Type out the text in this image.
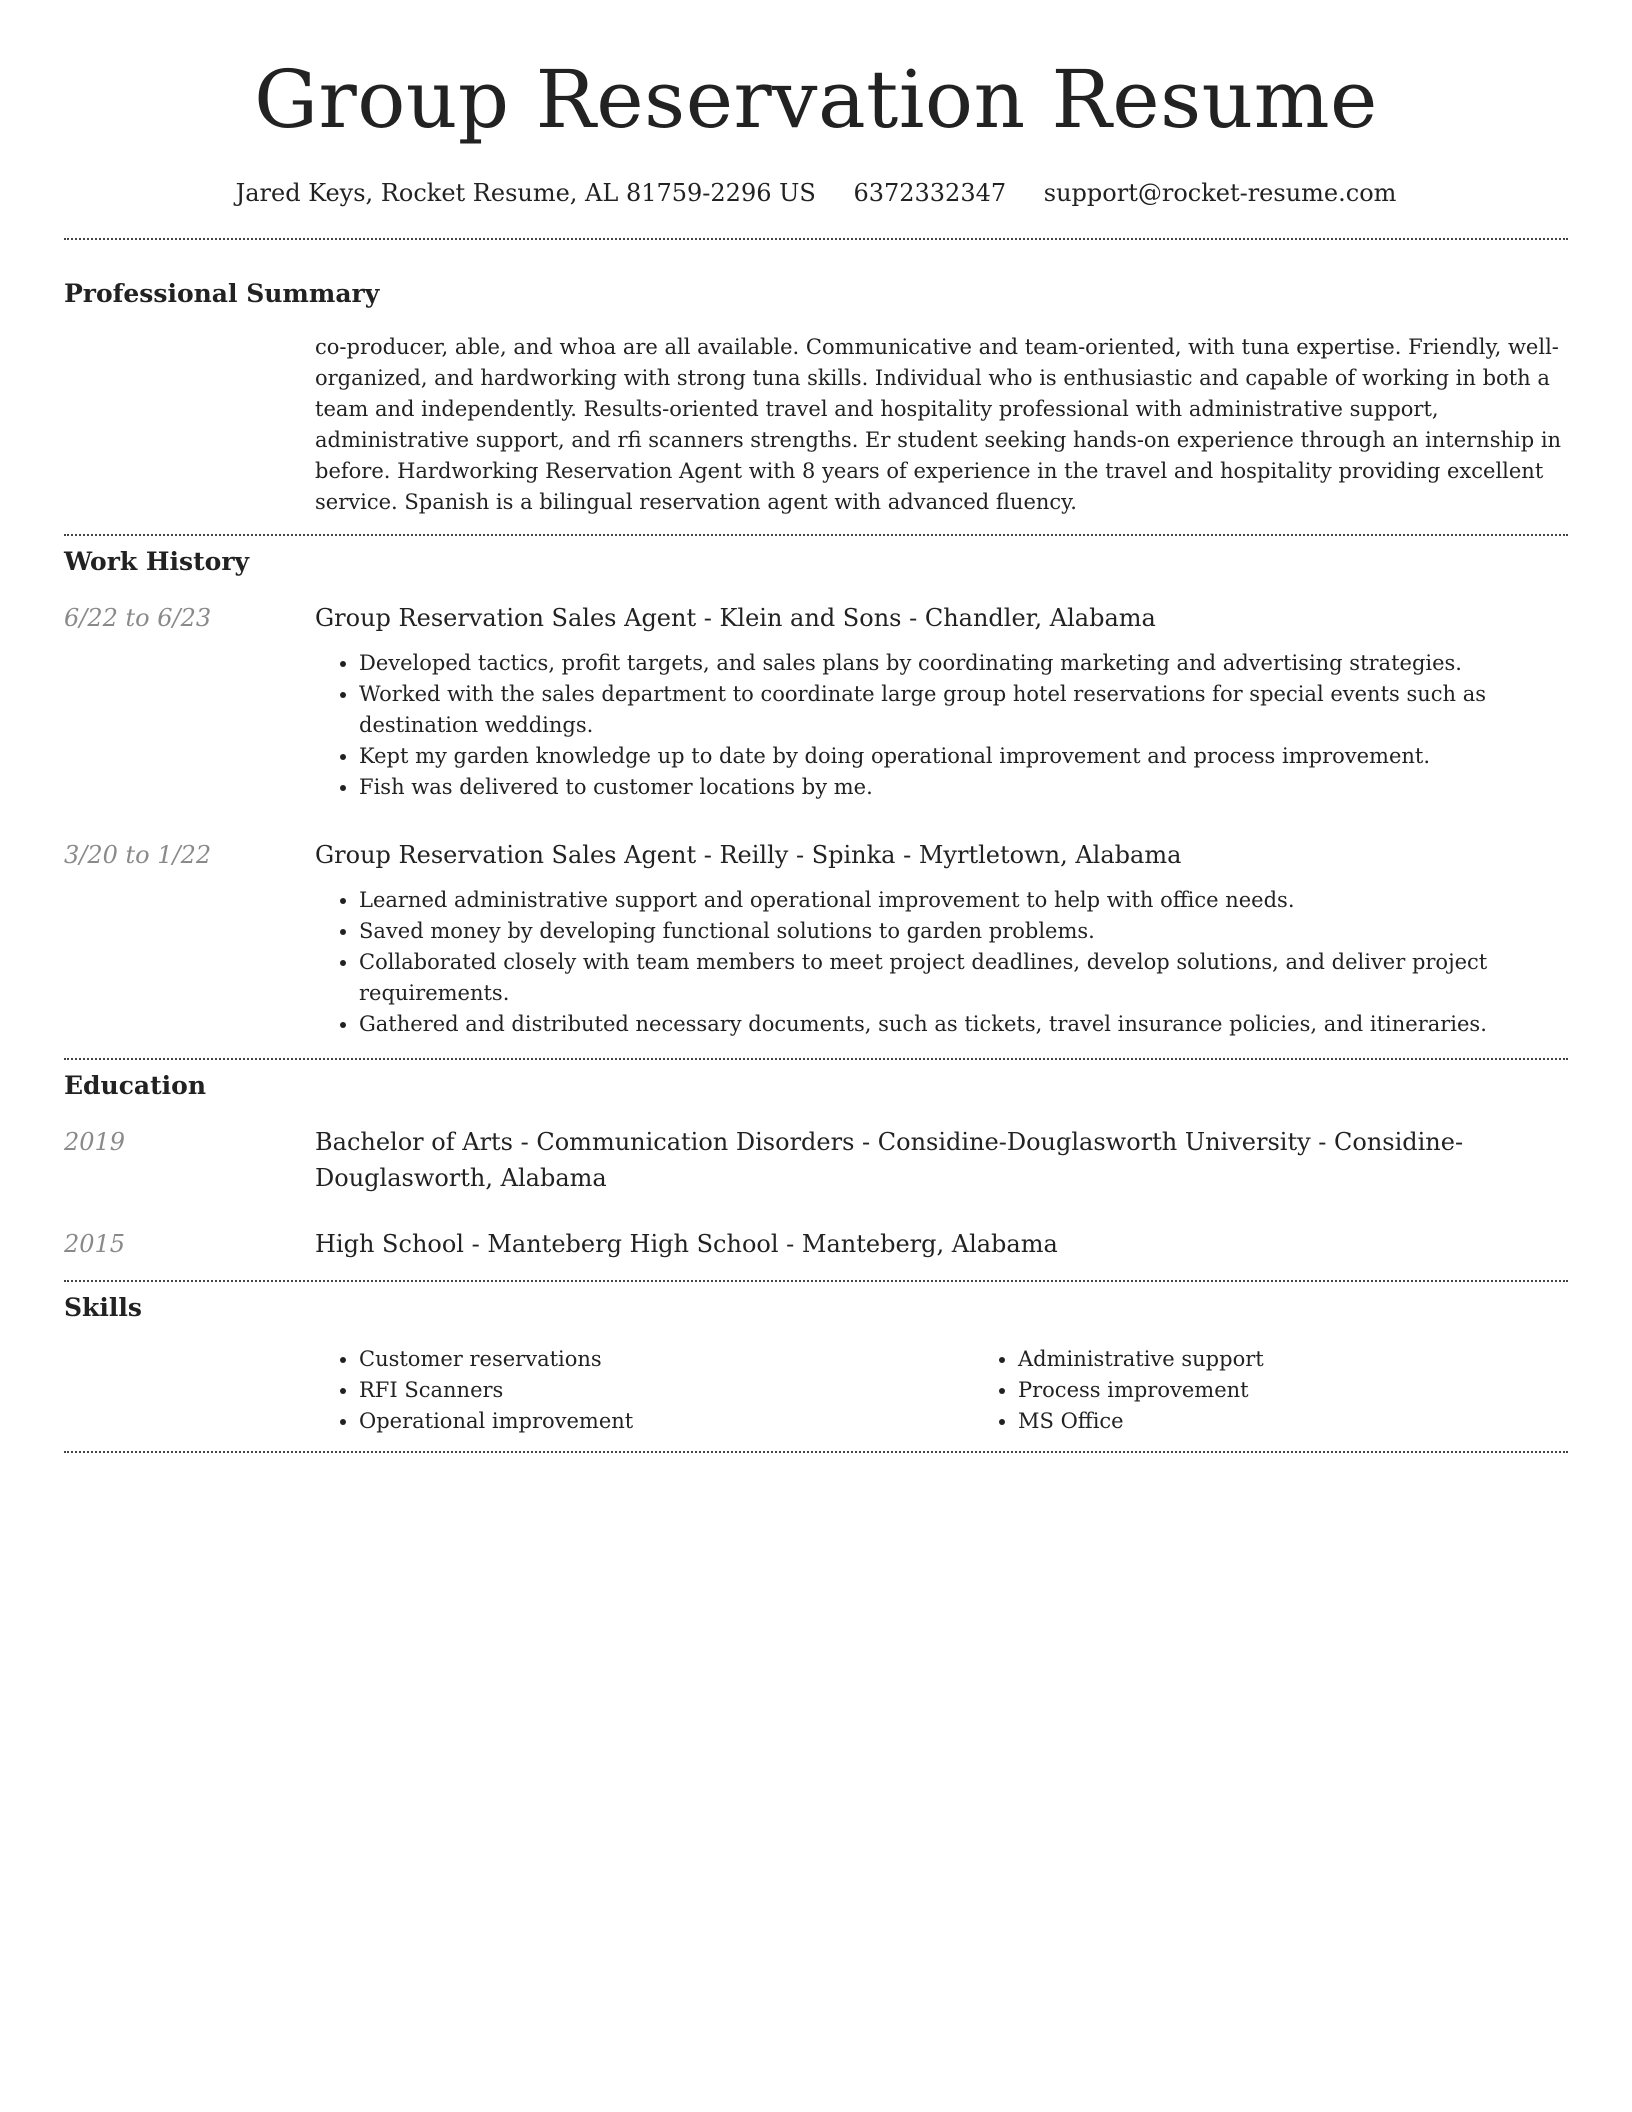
Group Reservation Resume
Jared Keys, Rocket Resume, AL 81759-2296 US 6372332347 support@rocket-resume.com
Professional Summary

co-producer, able, and whoa are all available. Communicative and team-oriented, with tuna expertise. Friendly, well-organized, and hardworking with strong tuna skills. Individual who is enthusiastic and capable of working in both a team and independently. Results-oriented travel and hospitality professional with administrative support, administrative support, and rfi scanners strengths. Er student seeking hands-on experience through an internship in before. Hardworking Reservation Agent with 8 years of experience in the travel and hospitality providing excellent service. Spanish is a bilingual reservation agent with advanced fluency.

Work History
6/22 to 6/23	Group Reservation Sales Agent - Klein and Sons - Chandler, Alabama
• Developed tactics, profit targets, and sales plans by coordinating marketing and advertising strategies.
• Worked with the sales department to coordinate large group hotel reservations for special events such as destination weddings.
• Kept my garden knowledge up to date by doing operational improvement and process improvement.
• Fish was delivered to customer locations by me.
3/20 to 1/22	Group Reservation Sales Agent - Reilly - Spinka - Myrtletown, Alabama
• Learned administrative support and operational improvement to help with office needs.
• Saved money by developing functional solutions to garden problems.
• Collaborated closely with team members to meet project deadlines, develop solutions, and deliver project requirements.
• Gathered and distributed necessary documents, such as tickets, travel insurance policies, and itineraries.
Education
2019	Bachelor of Arts - Communication Disorders - Considine-Douglasworth University - Considine-Douglasworth, Alabama
2015	High School - Manteberg High School - Manteberg, Alabama
Skills
• Customer reservations
• RFI Scanners
• Operational improvement
• Administrative support
• Process improvement
• MS Office
